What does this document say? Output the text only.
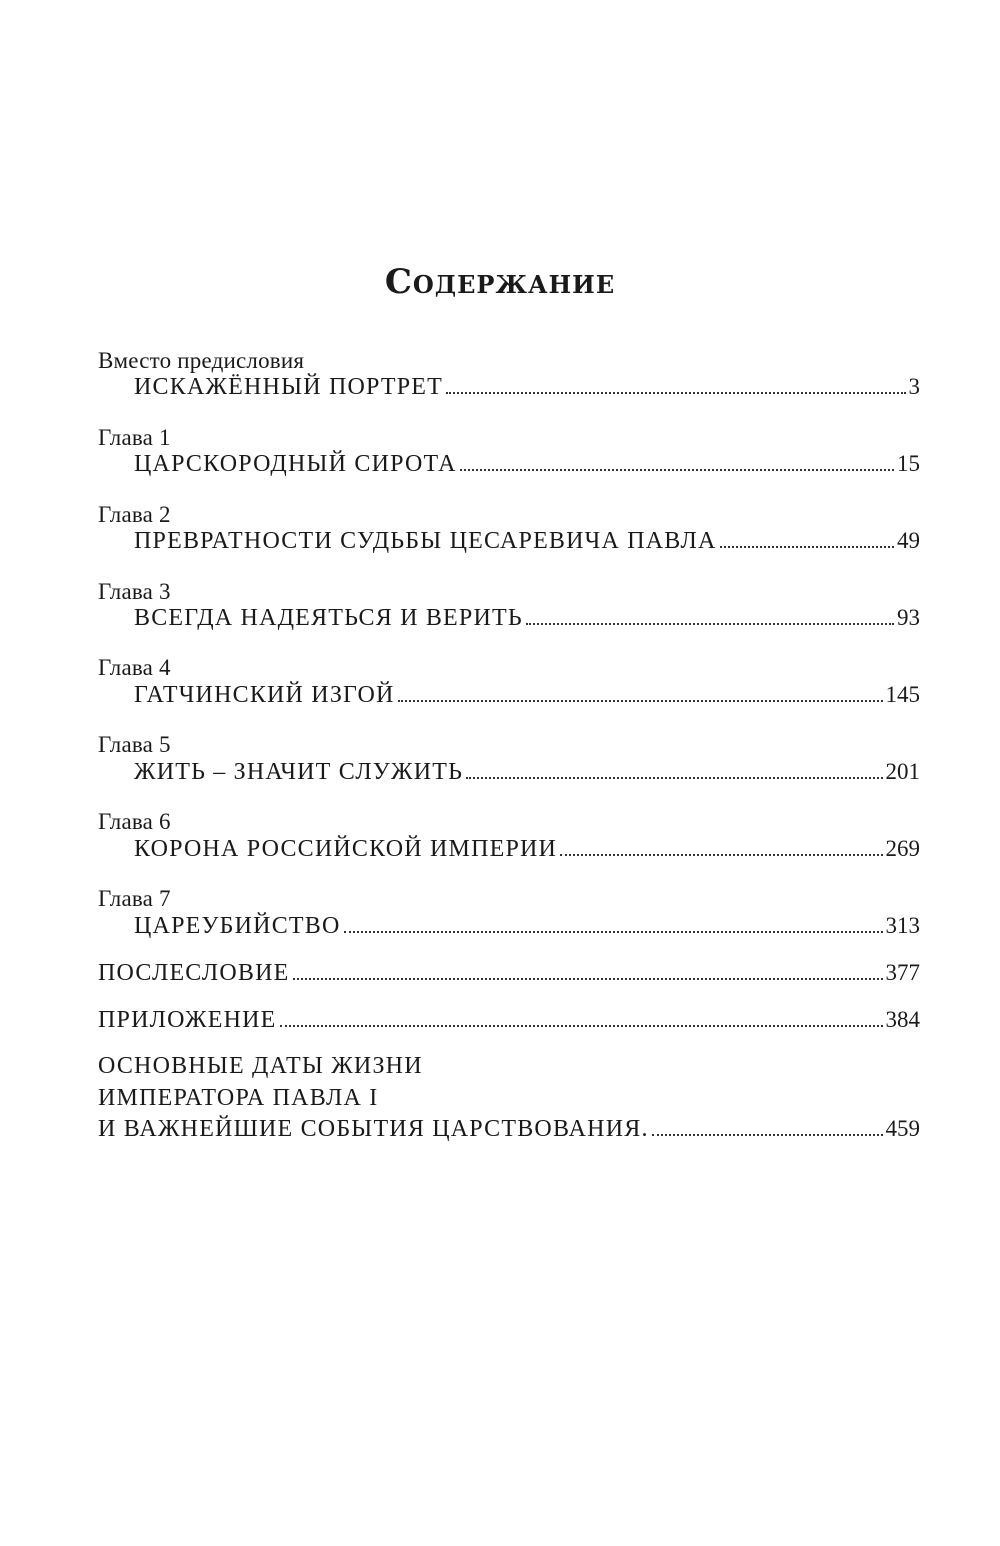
Содержание
Вместо предисловия
ИСКАЖЁННЫЙ ПОРТРЕТ	3
Глава 1
ЦАРСКОРОДНЫЙ СИРОТА	15
Глава 2
ПРЕВРАТНОСТИ СУДЬБЫ ЦЕСАРЕВИЧА ПАВЛА	49
Глава 3
ВСЕГДА НАДЕЯТЬСЯ И ВЕРИТЬ	93
Глава 4
ГАТЧИНСКИЙ ИЗГОЙ	145
Глава 5
ЖИТЬ – ЗНАЧИТ СЛУЖИТЬ	201
Глава 6
КОРОНА РОССИЙСКОЙ ИМПЕРИИ	269
Глава 7
ЦАРЕУБИЙСТВО	313
ПОСЛЕСЛОВИЕ	377
ПРИЛОЖЕНИЕ	384
ОСНОВНЫЕ ДАТЫ ЖИЗНИ
ИМПЕРАТОРА ПАВЛА I
И ВАЖНЕЙШИЕ СОБЫТИЯ ЦАРСТВОВАНИЯ.	459
